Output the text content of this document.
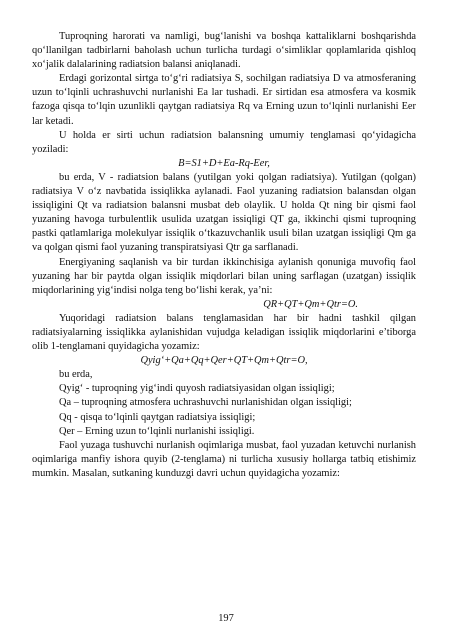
Tuproqning harorati va namligi, bug‘lanishi va boshqa kattaliklarni boshqarishda qo‘llanilgan tadbirlarni baholash uchun turlicha turdagi o‘simliklar qoplamlarida qishloq xo‘jalik dalalarining radiatsion balansi aniqlanadi.

Erdagi gorizontal sirtga to‘g‘ri radiatsiya S, sochilgan radiatsiya D va atmosferaning uzun to‘lqinli uchrashuvchi nurlanishi Ea lar tushadi. Er sirtidan esa atmosfera va kosmik fazoga qisqa to‘lqin uzunlikli qaytgan radiatsiya Rq va Erning uzun to‘lqinli nurlanishi Eer lar ketadi.

U holda er sirti uchun radiatsion balansning umumiy tenglamasi qo‘yidagicha yoziladi:

B=S1+D+Ea-Rq-Eer,

bu erda, V - radiatsion balans (yutilgan yoki qolgan radiatsiya). Yutilgan (qolgan) radiatsiya V o‘z navbatida issiqlikka aylanadi. Faol yuzaning radiatsion balansdan olgan issiqligini Qt va radiatsion balansni musbat deb olaylik. U holda Qt ning bir qismi faol yuzaning havoga turbulentlik usulida uzatgan issiqligi QT ga, ikkinchi qismi tuproqning pastki qatlamlariga molekulyar issiqlik o‘tkazuvchanlik usuli bilan uzatgan issiqligi Qm ga va qolgan qismi faol yuzaning transpiratsiyasi Qtr ga sarflanadi.

Energiyaning saqlanish va bir turdan ikkinchisiga aylanish qonuniga muvofiq faol yuzaning har bir paytda olgan issiqlik miqdorlari bilan uning sarflagan (uzatgan) issiqlik miqdorlarining yig‘indisi nolga teng bo‘lishi kerak, ya’ni:

QR+QT+Qm+Qtr=O.

Yuqoridagi radiatsion balans tenglamasidan har bir hadni tashkil qilgan radiatsiyalarning issiqlikka aylanishidan vujudga keladigan issiqlik miqdorlarini e’tiborga olib 1-tenglamani quyidagicha yozamiz:

Qyig‘+Qa+Qq+Qer+QT+Qm+Qtr=O,

bu erda,

Qyig‘ - tuproqning yig‘indi quyosh radiatsiyasidan olgan issiqligi;

Qa – tuproqning atmosfera uchrashuvchi nurlanishidan olgan issiqligi;

Qq - qisqa to‘lqinli qaytgan radiatsiya issiqligi;

Qer – Erning uzun to‘lqinli nurlanishi issiqligi.

Faol yuzaga tushuvchi nurlanish oqimlariga musbat, faol yuzadan ketuvchi nurlanish oqimlariga manfiy ishora quyib (2-tenglama) ni turlicha xususiy hollarga tatbiq etishimiz mumkin. Masalan, sutkaning kunduzgi davri uchun quyidagicha yozamiz:

197
